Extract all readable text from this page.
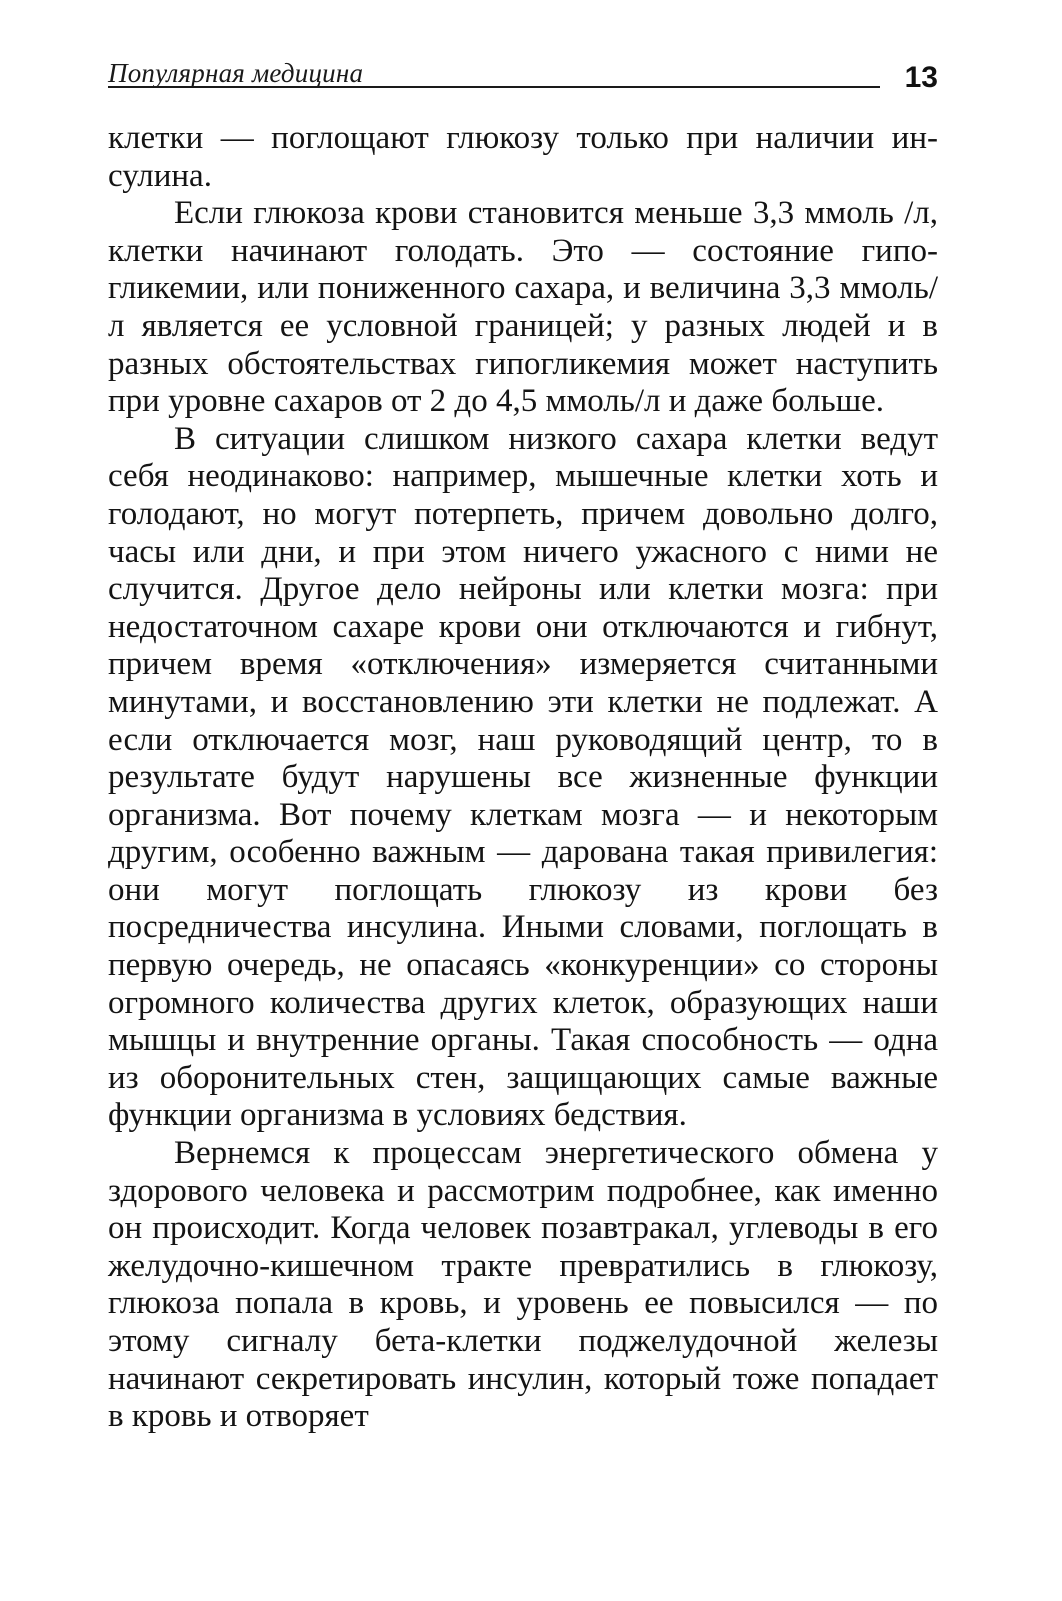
Популярная медицина	13

клетки — поглощают глюкозу только при наличии инсулина.

Если глюкоза крови становится меньше 3,3 ммоль /л, клетки начинают голодать. Это — состояние гипогликемии, или пониженного сахара, и величина 3,3 ммоль/л является ее условной границей; у разных людей и в разных обстоятельствах гипогликемия может наступить при уровне сахаров от 2 до 4,5 ммоль/л и даже больше.

В ситуации слишком низкого сахара клетки ведут себя неодинаково: например, мышечные клетки хоть и голодают, но могут потерпеть, причем довольно долго, часы или дни, и при этом ничего ужасного с ними не случится. Другое дело нейроны или клетки мозга: при недостаточном сахаре крови они отключаются и гибнут, причем время «отключения» измеряется считанными минутами, и восстановлению эти клетки не подлежат. А если отключается мозг, наш руководящий центр, то в результате будут нарушены все жизненные функции организма. Вот почему клеткам мозга — и некоторым другим, особенно важным — дарована такая привилегия: они могут поглощать глюкозу из крови без посредничества инсулина. Иными словами, поглощать в первую очередь, не опасаясь «конкуренции» со стороны огромного количества других клеток, образующих наши мышцы и внутренние органы. Такая способность — одна из оборонительных стен, защищающих самые важные функции организма в условиях бедствия.

Вернемся к процессам энергетического обмена у здорового человека и рассмотрим подробнее, как именно он происходит. Когда человек позавтракал, углеводы в его желудочно-кишечном тракте превратились в глюкозу, глюкоза попала в кровь, и уровень ее повысился — по этому сигналу бета-клетки поджелудочной железы начинают секретировать инсулин, который тоже попадает в кровь и отворяет
